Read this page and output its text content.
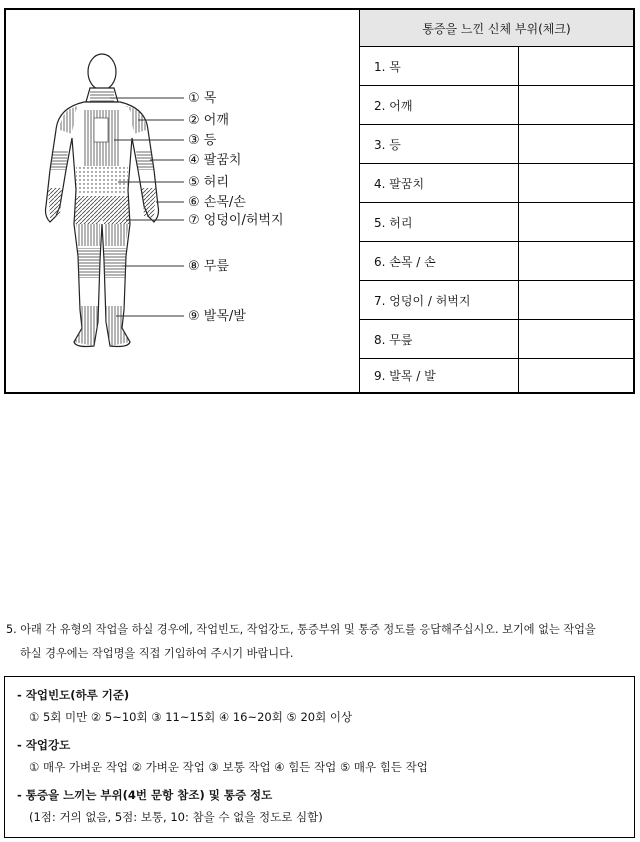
① 목
② 어깨
③ 등
④ 팔꿈치
⑤ 허리
⑥ 손목/손
⑦ 엉덩이/허벅지
⑧ 무릎
⑨ 발목/발
통증을 느낀 신체 부위(체크)
1. 목
2. 어깨
3. 등
4. 팔꿈치
5. 허리
6. 손목 / 손
7. 엉덩이 / 허벅지
8. 무릎
9. 발목 / 발
5. 아래 각 유형의 작업을 하실 경우에, 작업빈도, 작업강도, 통증부위 및 통증 정도를 응답해주십시오. 보기에 없는 작업을
하실 경우에는 작업명을 직접 기입하여 주시기 바랍니다.
- 작업빈도(하루 기준)
① 5회 미만 ② 5~10회 ③ 11~15회 ④ 16~20회 ⑤ 20회 이상
- 작업강도
① 매우 가벼운 작업 ② 가벼운 작업 ③ 보통 작업 ④ 힘든 작업 ⑤ 매우 힘든 작업
- 통증을 느끼는 부위(4번 문항 참조) 및 통증 정도
(1점: 거의 없음, 5점: 보통, 10: 참을 수 없을 정도로 심함)
